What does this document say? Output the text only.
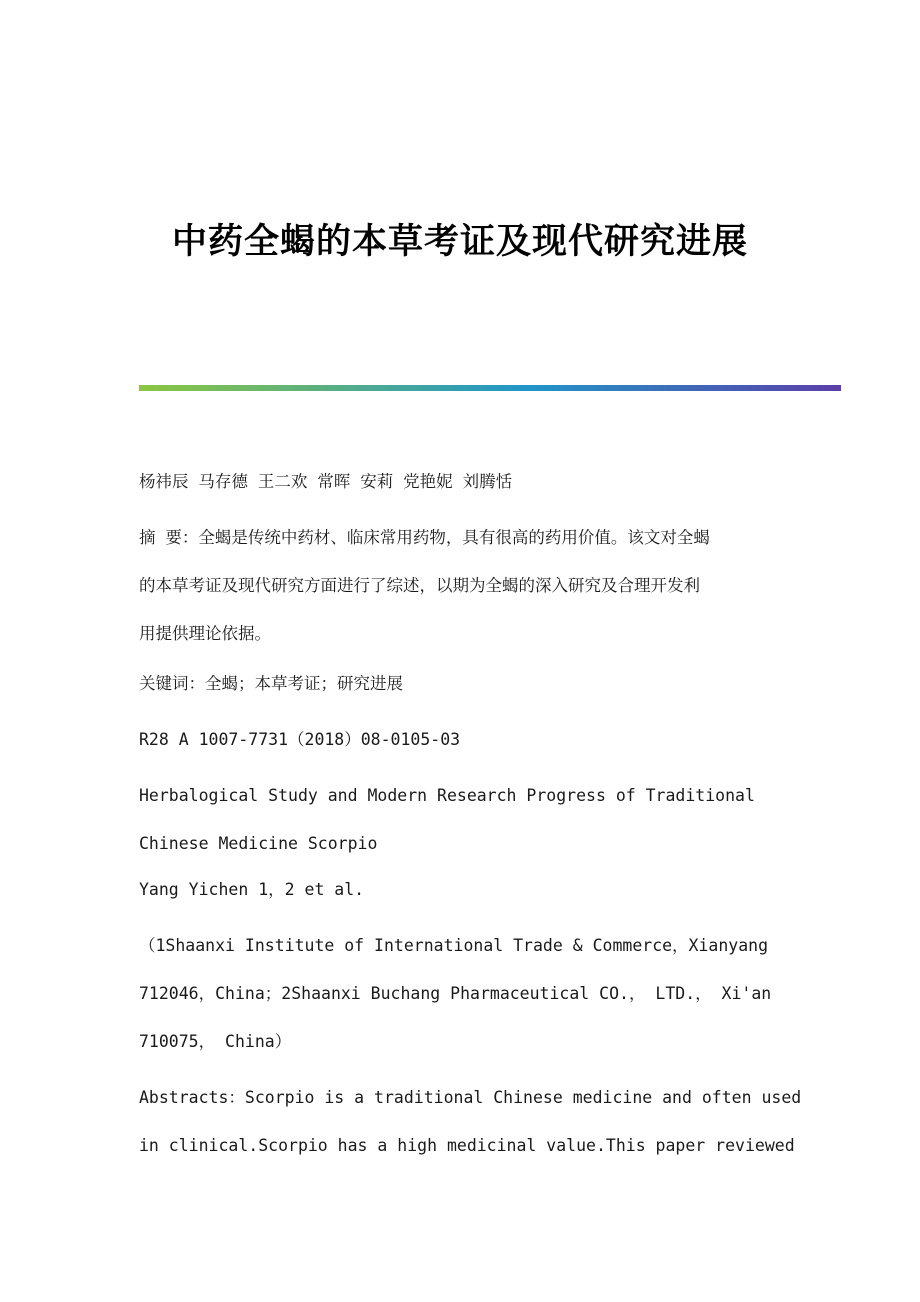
中药全蝎的本草考证及现代研究进展
杨祎辰 马存德 王二欢 常晖 安莉 党艳妮 刘腾恬
摘 要：全蝎是传统中药材、临床常用药物，具有很高的药用价值。该文对全蝎
的本草考证及现代研究方面进行了综述，以期为全蝎的深入研究及合理开发利
用提供理论依据。
关键词：全蝎；本草考证；研究进展
R28 A 1007-7731（2018）08-0105-03
Herbalogical Study and Modern Research Progress of Traditional
Chinese Medicine Scorpio
Yang Yichen 1，2 et al.
（1Shaanxi Institute of International Trade & Commerce，Xianyang
712046，China；2Shaanxi Buchang Pharmaceutical CO.， LTD.， Xi'an
710075， China）
Abstracts：Scorpio is a traditional Chinese medicine and often used
in clinical.Scorpio has a high medicinal value.This paper reviewed
